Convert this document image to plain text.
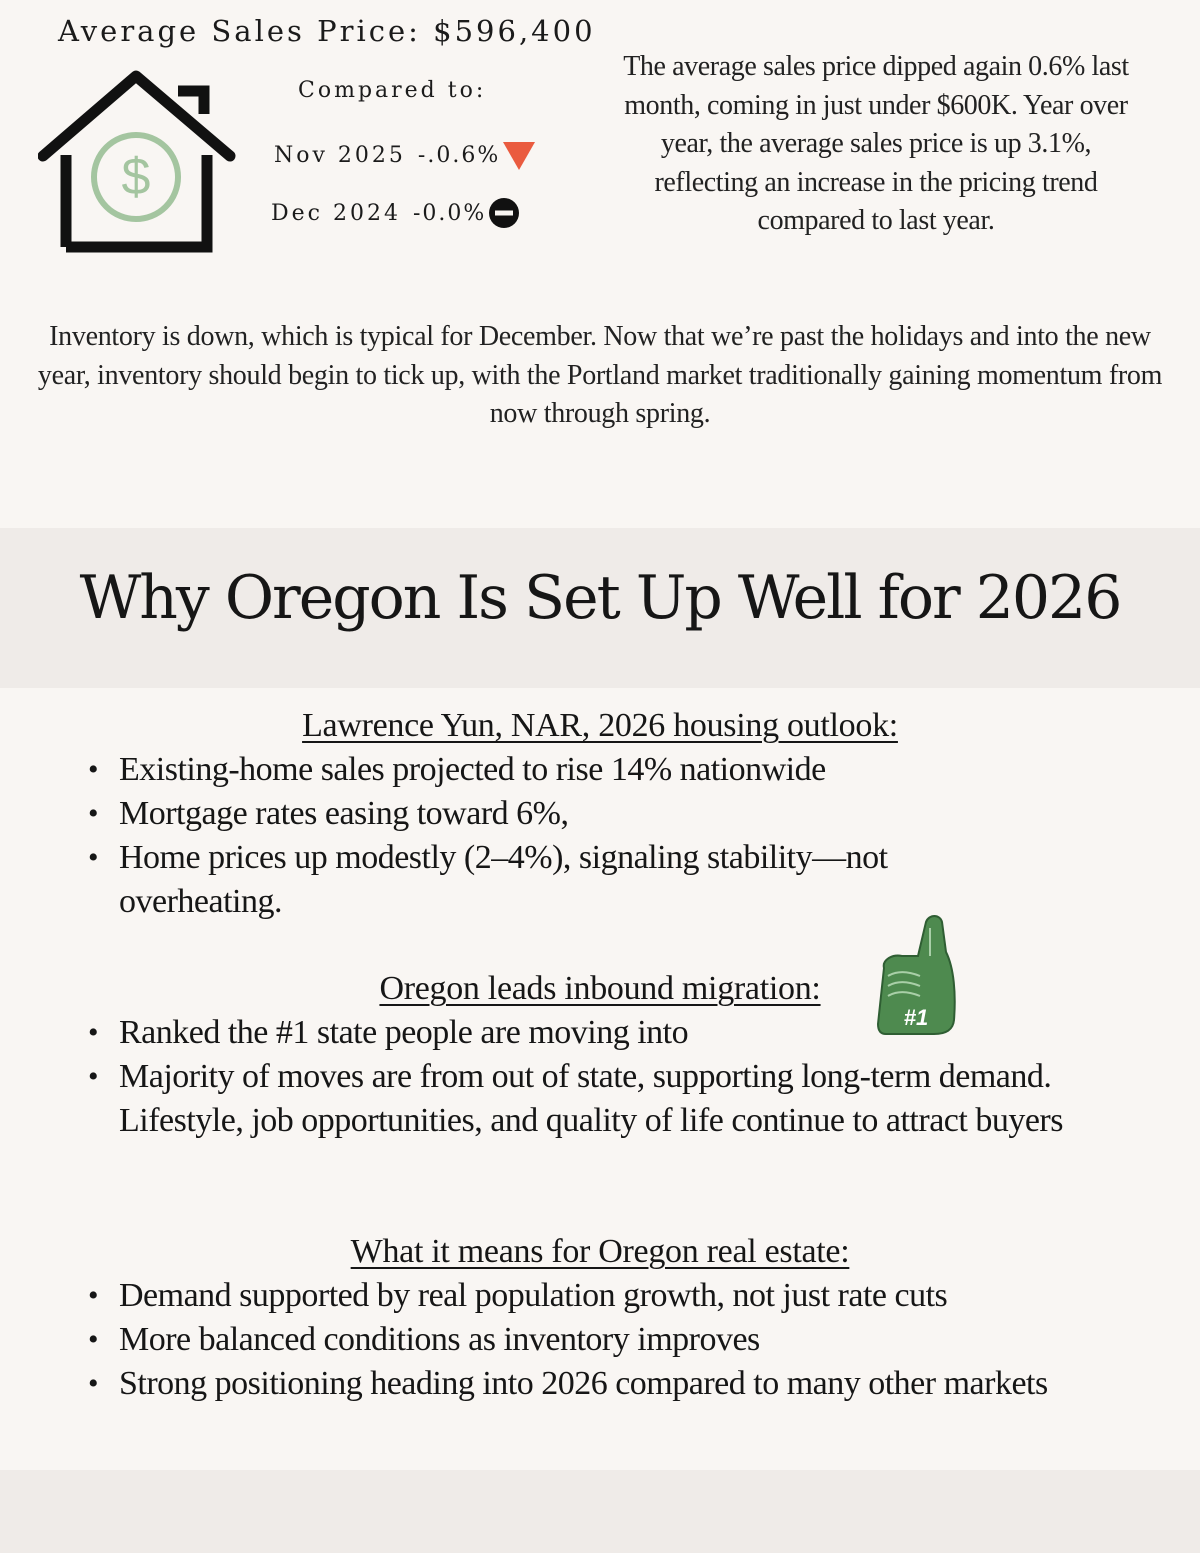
Average Sales Price: $596,400
$
Compared to:
Nov 2025 -.0.6%
Dec 2024 -0.0%
The average sales price dipped again 0.6% last month, coming in just under $600K. Year over year, the average sales price is up 3.1%, reflecting an increase in the pricing trend compared to last year.
Inventory is down, which is typical for December. Now that we’re past the holidays and into the new year, inventory should begin to tick up, with the Portland market traditionally gaining momentum from now through spring.
Why Oregon Is Set Up Well for 2026
Lawrence Yun, NAR, 2026 housing outlook:
• Existing-home sales projected to rise 14% nationwide
• Mortgage rates easing toward 6%,
• Home prices up modestly (2–4%), signaling stability—not overheating.
Oregon leads inbound migration:
• Ranked the #1 state people are moving into
• Majority of moves are from out of state, supporting long-term demand. Lifestyle, job opportunities, and quality of life continue to attract buyers
#1
What it means for Oregon real estate:
• Demand supported by real population growth, not just rate cuts
• More balanced conditions as inventory improves
• Strong positioning heading into 2026 compared to many other markets
